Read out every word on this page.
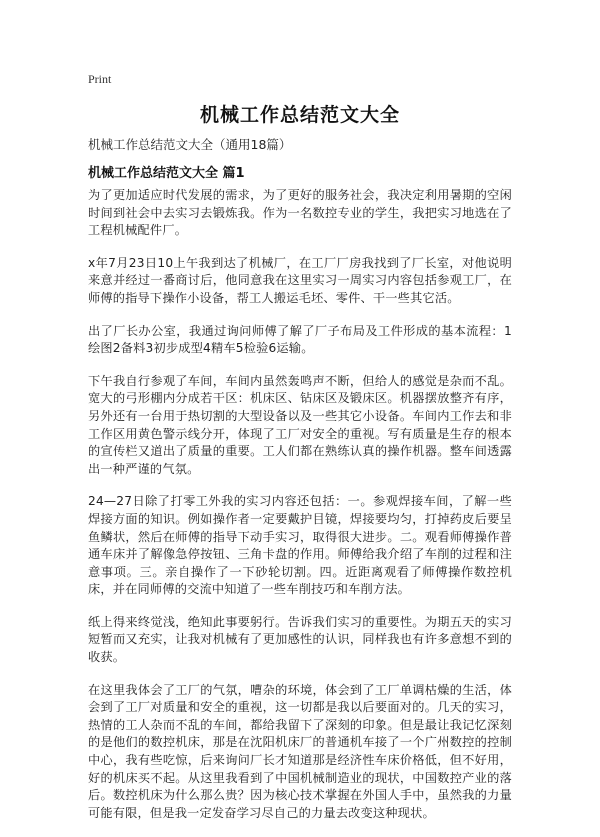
Print
机械工作总结范文大全
机械工作总结范文大全（通用18篇）
机械工作总结范文大全 篇1

为了更加适应时代发展的需求，为了更好的服务社会，我决定利用暑期的空闲时间到社会中去实习去锻炼我。作为一名数控专业的学生，我把实习地选在了工程机械配件厂。

x年7月23日10上午我到达了机械厂，在工厂厂房我找到了厂长室，对他说明来意并经过一番商讨后，他同意我在这里实习一周实习内容包括参观工厂，在师傅的指导下操作小设备，帮工人搬运毛坯、零件、干一些其它活。

出了厂长办公室，我通过询问师傅了解了厂子布局及工件形成的基本流程：1绘图2备料3初步成型4精车5检验6运输。

下午我自行参观了车间，车间内虽然轰鸣声不断，但给人的感觉是杂而不乱。宽大的弓形棚内分成若干区：机床区、钻床区及锻床区。机器摆放整齐有序，另外还有一台用于热切割的大型设备以及一些其它小设备。车间内工作去和非工作区用黄色警示线分开，体现了工厂对安全的重视。写有质量是生存的根本的宣传栏又道出了质量的重要。工人们都在熟练认真的操作机器。整车间透露出一种严谨的气氛。

24—27日除了打零工外我的实习内容还包括：一。参观焊接车间，了解一些焊接方面的知识。例如操作者一定要戴护目镜，焊接要均匀，打掉药皮后要呈鱼鳞状，然后在师傅的指导下动手实习，取得很大进步。二。观看师傅操作普通车床并了解像急停按钮、三角卡盘的作用。师傅给我介绍了车削的过程和注意事项。三。亲自操作了一下砂轮切割。四。近距离观看了师傅操作数控机床，并在同师傅的交流中知道了一些车削技巧和车削方法。

纸上得来终觉浅，绝知此事要躬行。告诉我们实习的重要性。为期五天的实习短暂而又充实，让我对机械有了更加感性的认识，同样我也有许多意想不到的收获。

在这里我体会了工厂的气氛，嘈杂的环境，体会到了工厂单调枯燥的生活，体会到了工厂对质量和安全的重视，这一切都是我以后要面对的。几天的实习，热情的工人杂而不乱的车间，都给我留下了深刻的印象。但是最让我记忆深刻的是他们的数控机床，那是在沈阳机床厂的普通机车接了一个广州数控的控制中心，我有些吃惊，后来询问厂长才知道那是经济性车床价格低，但不好用，好的机床买不起。从这里我看到了中国机械制造业的现状，中国数控产业的落后。数控机床为什么那么贵？因为核心技术掌握在外国人手中，虽然我的力量可能有限，但是我一定发奋学习尽自己的力量去改变这种现状。
